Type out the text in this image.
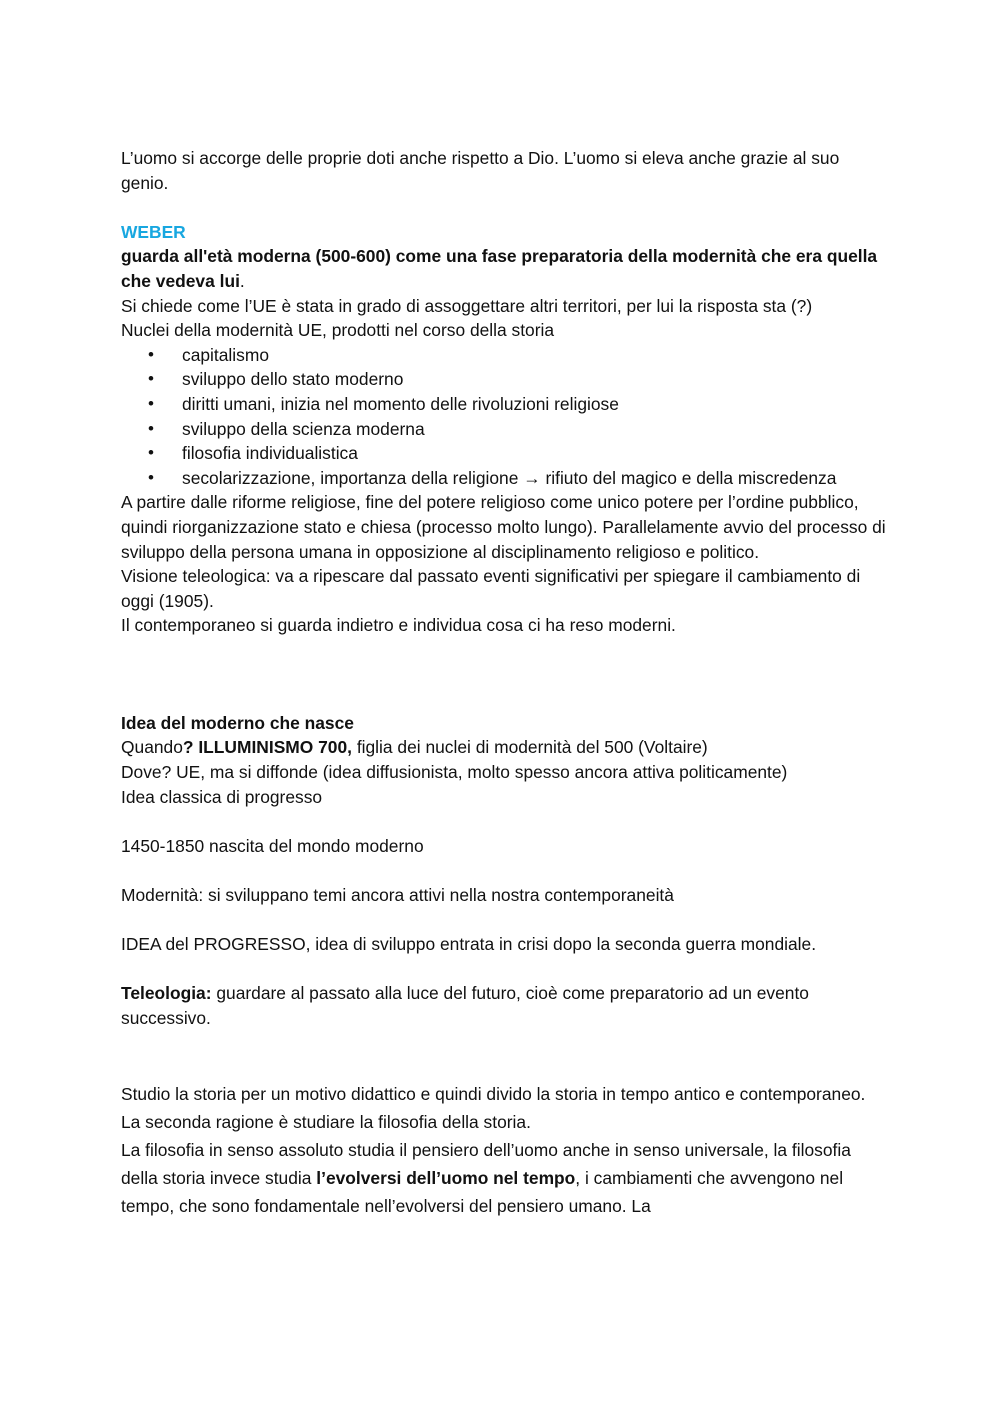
L’uomo si accorge delle proprie doti anche rispetto a Dio. L’uomo si eleva anche grazie al suo genio.

WEBER

guarda all'età moderna (500-600) come una fase preparatoria della modernità che era quella che vedeva lui.

Si chiede come l’UE è stata in grado di assoggettare altri territori, per lui la risposta sta (?)

Nuclei della modernità UE, prodotti nel corso della storia

• capitalismo
• sviluppo dello stato moderno
• diritti umani, inizia nel momento delle rivoluzioni religiose
• sviluppo della scienza moderna
• filosofia individualistica
• secolarizzazione, importanza della religione → rifiuto del magico e della miscredenza

A partire dalle riforme religiose, fine del potere religioso come unico potere per l’ordine pubblico, quindi riorganizzazione stato e chiesa (processo molto lungo). Parallelamente avvio del processo di sviluppo della persona umana in opposizione al disciplinamento religioso e politico.

Visione teleologica: va a ripescare dal passato eventi significativi per spiegare il cambiamento di oggi (1905).

Il contemporaneo si guarda indietro e individua cosa ci ha reso moderni.

Idea del moderno che nasce

Quando? ILLUMINISMO 700, figlia dei nuclei di modernità del 500 (Voltaire)

Dove? UE, ma si diffonde (idea diffusionista, molto spesso ancora attiva politicamente)

Idea classica di progresso

1450-1850 nascita del mondo moderno

Modernità: si sviluppano temi ancora attivi nella nostra contemporaneità

IDEA del PROGRESSO, idea di sviluppo entrata in crisi dopo la seconda guerra mondiale.

Teleologia: guardare al passato alla luce del futuro, cioè come preparatorio ad un evento successivo.

Studio la storia per un motivo didattico e quindi divido la storia in tempo antico e contemporaneo.

La seconda ragione è studiare la filosofia della storia.

La filosofia in senso assoluto studia il pensiero dell’uomo anche in senso universale, la filosofia della storia invece studia l’evolversi dell’uomo nel tempo, i cambiamenti che avvengono nel tempo, che sono fondamentale nell’evolversi del pensiero umano. La
